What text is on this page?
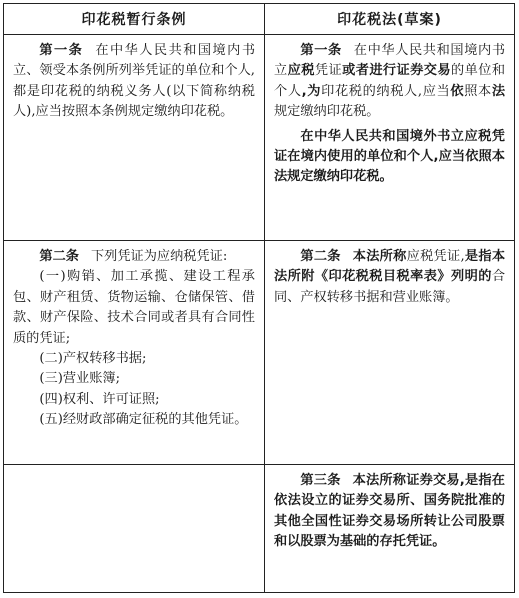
印花税暂行条例	印花税法(草案)

第一条 在中华人民共和国境内书立、领受本条例所列举凭证的单位和个人,都是印花税的纳税义务人(以下简称纳税人),应当按照本条例规定缴纳印花税。

第一条 在中华人民共和国境内书立应税凭证或者进行证券交易的单位和个人,为印花税的纳税人,应当依照本法规定缴纳印花税。

在中华人民共和国境外书立应税凭证在境内使用的单位和个人,应当依照本法规定缴纳印花税。

第二条 下列凭证为应纳税凭证:

(一)购销、加工承揽、建设工程承包、财产租赁、货物运输、仓储保管、借款、财产保险、技术合同或者具有合同性质的凭证;

(二)产权转移书据;

(三)营业账簿;

(四)权利、许可证照;

(五)经财政部确定征税的其他凭证。

第二条 本法所称应税凭证,是指本法所附《印花税税目税率表》列明的合同、产权转移书据和营业账簿。

第三条 本法所称证券交易,是指在依法设立的证券交易所、国务院批准的其他全国性证券交易场所转让公司股票和以股票为基础的存托凭证。
